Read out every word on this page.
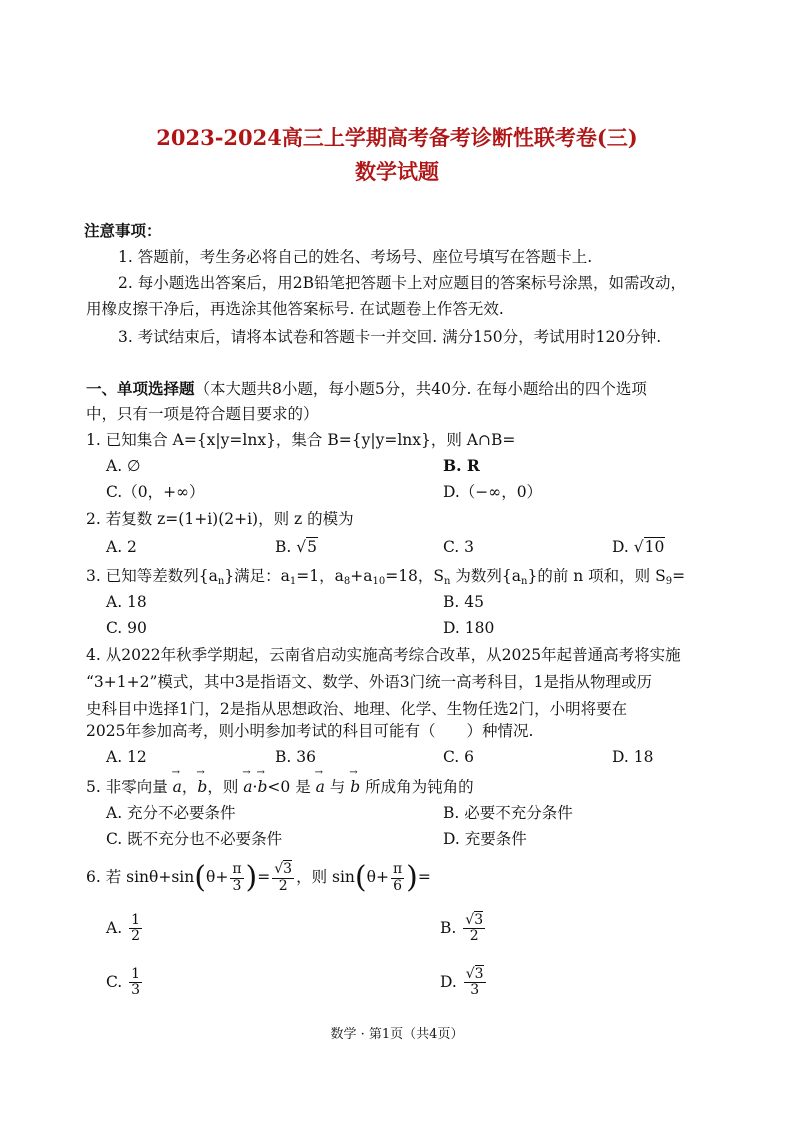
2023-2024高三上学期高考备考诊断性联考卷(三)
数学试题
注意事项：
1. 答题前，考生务必将自己的姓名、考场号、座位号填写在答题卡上.
2. 每小题选出答案后，用2B铅笔把答题卡上对应题目的答案标号涂黑，如需改动，
用橡皮擦干净后，再选涂其他答案标号. 在试题卷上作答无效.
3. 考试结束后，请将本试卷和答题卡一并交回. 满分150分，考试用时120分钟.
一、单项选择题（本大题共8小题，每小题5分，共40分. 在每小题给出的四个选项
中，只有一项是符合题目要求的）
1. 已知集合 A={x|y=lnx}，集合 B={y|y=lnx}，则 A∩B=
A. ∅	B. R
C.（0，+∞）	D.（−∞，0）
2. 若复数 z=(1+i)(2+i)，则 z 的模为
A. 2	B. √5	C. 3	D. √10
3. 已知等差数列$\{a_n\}$满足：$a_1=1$，$a_8+a_{10}=18$，$S_n$ 为数列$\{a_n\}$的前 n 项和，则 $S_9=$
A. 18	B. 45
C. 90	D. 180
4. 从2022年秋季学期起，云南省启动实施高考综合改革，从2025年起普通高考将实施
“3+1+2”模式，其中3是指语文、数学、外语3门统一高考科目，1是指从物理或历
史科目中选择1门，2是指从思想政治、地理、化学、生物任选2门，小明将要在
2025年参加高考，则小明参加考试的科目可能有（　　）种情况.
A. 12	B. 36	C. 6	D. 18
5. 非零向量 → a，→ b，则 → a·→ b<0 是 → a 与 → b 所成角为钝角的
A. 充分不必要条件	B. 必要不充分条件
C. 既不充分也不必要条件	D. 充要条件
6. 若 $\sin\theta+\sin(\theta+ \frac{\pi}{3}$ )= $\frac{√3}{2}$ ，则 $\sin(\theta+ \frac{\pi}{6}$ )=
A. $\frac{1}{2}$	B. $\frac{√3}{2}$
C. $\frac{1}{3}$	D. $\frac{√3}{3}$
数学 · 第1页（共4页）
